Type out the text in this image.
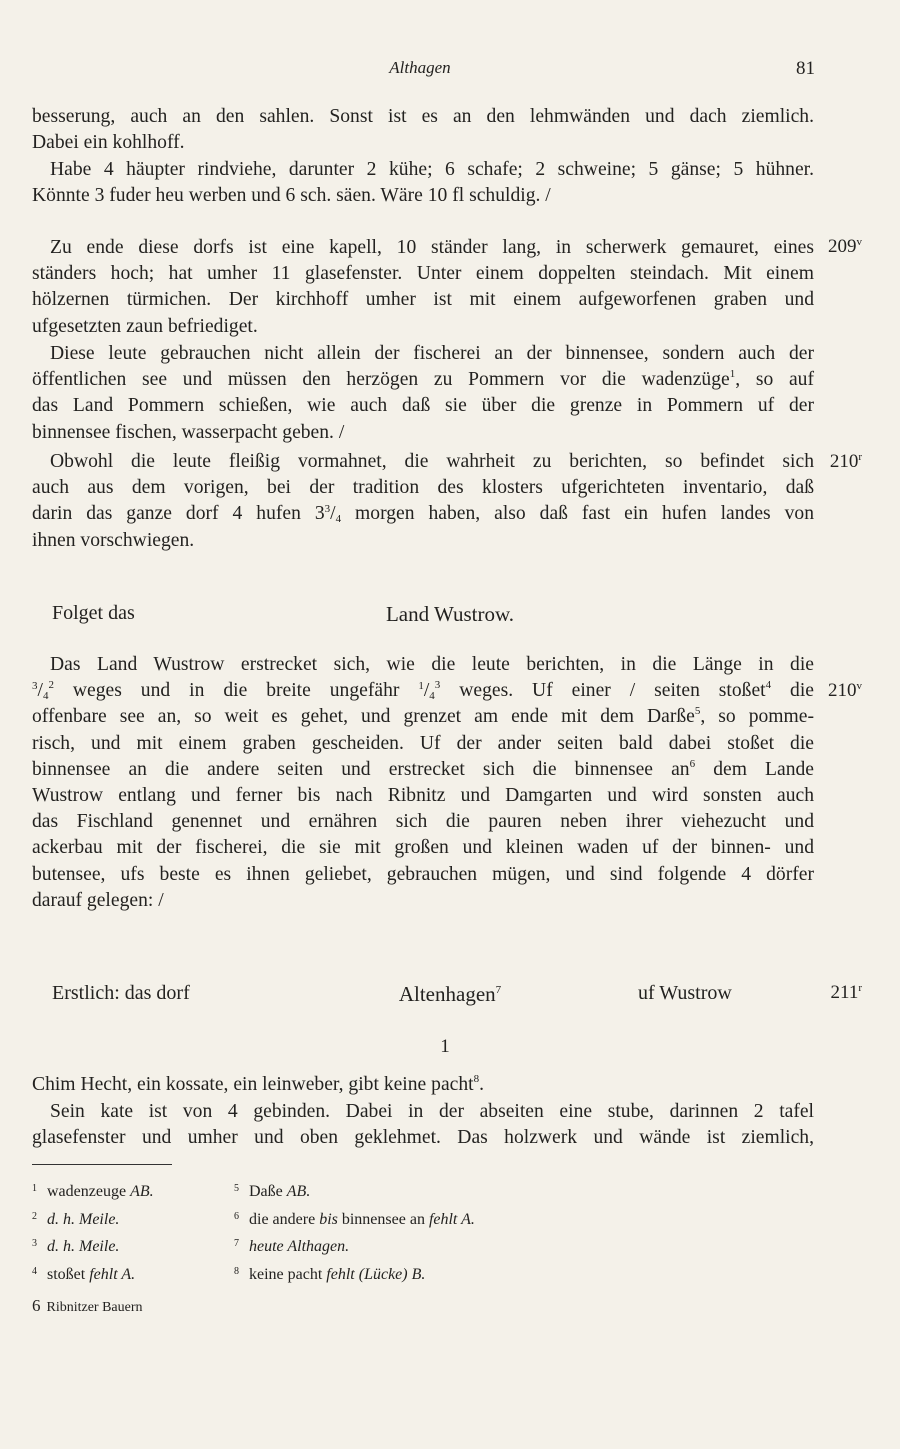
Althagen	81

besserung, auch an den sahlen. Sonst ist es an den lehmwänden und dach ziemlich.
Dabei ein kohlhoff.

Habe 4 häupter rindviehe, darunter 2 kühe; 6 schafe; 2 schweine; 5 gänse; 5 hühner.
Könnte 3 fuder heu werben und 6 sch. säen. Wäre 10 fl schuldig. /

Zu ende diese dorfs ist eine kapell, 10 ständer lang, in scherwerk gemauret, eines
ständers hoch; hat umher 11 glasefenster. Unter einem doppelten steindach. Mit einem
hölzernen türmichen. Der kirchhoff umher ist mit einem aufgeworfenen graben und
ufgesetzten zaun befriediget.

209$^v$

Diese leute gebrauchen nicht allein der fischerei an der binnensee, sondern auch der
öffentlichen see und müssen den herzögen zu Pommern vor die wadenzüge$^1$, so auf
das Land Pommern schießen, wie auch daß sie über die grenze in Pommern uf der
binnensee fischen, wasserpacht geben. /

Obwohl die leute fleißig vormahnet, die wahrheit zu berichten, so befindet sich
auch aus dem vorigen, bei der tradition des klosters ufgerichteten inventario, daß
darin das ganze dorf 4 hufen $3^3/_4$ morgen haben, also daß fast ein hufen landes von
ihnen vorschwiegen.

210$^r$
Folget das	Land Wustrow.

Das Land Wustrow erstrecket sich, wie die leute berichten, in die Länge in die
$^3/_4^2$ weges und in die breite ungefähr $^1/_4^3$ weges. Uf einer / seiten stoßet$^4$ die
offenbare see an, so weit es gehet, und grenzet am ende mit dem Darße$^5$, so pomme-
risch, und mit einem graben gescheiden. Uf der ander seiten bald dabei stoßet die
binnensee an die andere seiten und erstrecket sich die binnensee an$^6$ dem Lande
Wustrow entlang und ferner bis nach Ribnitz und Damgarten und wird sonsten auch
das Fischland genennet und ernähren sich die pauren neben ihrer viehezucht und
ackerbau mit der fischerei, die sie mit großen und kleinen waden uf der binnen- und
butensee, ufs beste es ihnen geliebet, gebrauchen mügen, und sind folgende 4 dörfer
darauf gelegen: /

210$^v$
Erstlich: das dorf	Altenhagen$^7$	uf Wustrow	211$^r$
1

Chim Hecht, ein kossate, ein leinweber, gibt keine pacht$^8$.

Sein kate ist von 4 gebinden. Dabei in der abseiten eine stube, darinnen 2 tafel
glasefenster und umher und oben geklehmet. Das holzwerk und wände ist ziemlich,

1 wadenzeuge AB.
2 d. h. Meile.
3 d. h. Meile.
4 stoßet fehlt A.
5 Daße AB.
6 die andere bis binnensee an fehlt A.
7 heute Althagen.
8 keine pacht fehlt (Lücke) B.
6 Ribnitzer Bauern
